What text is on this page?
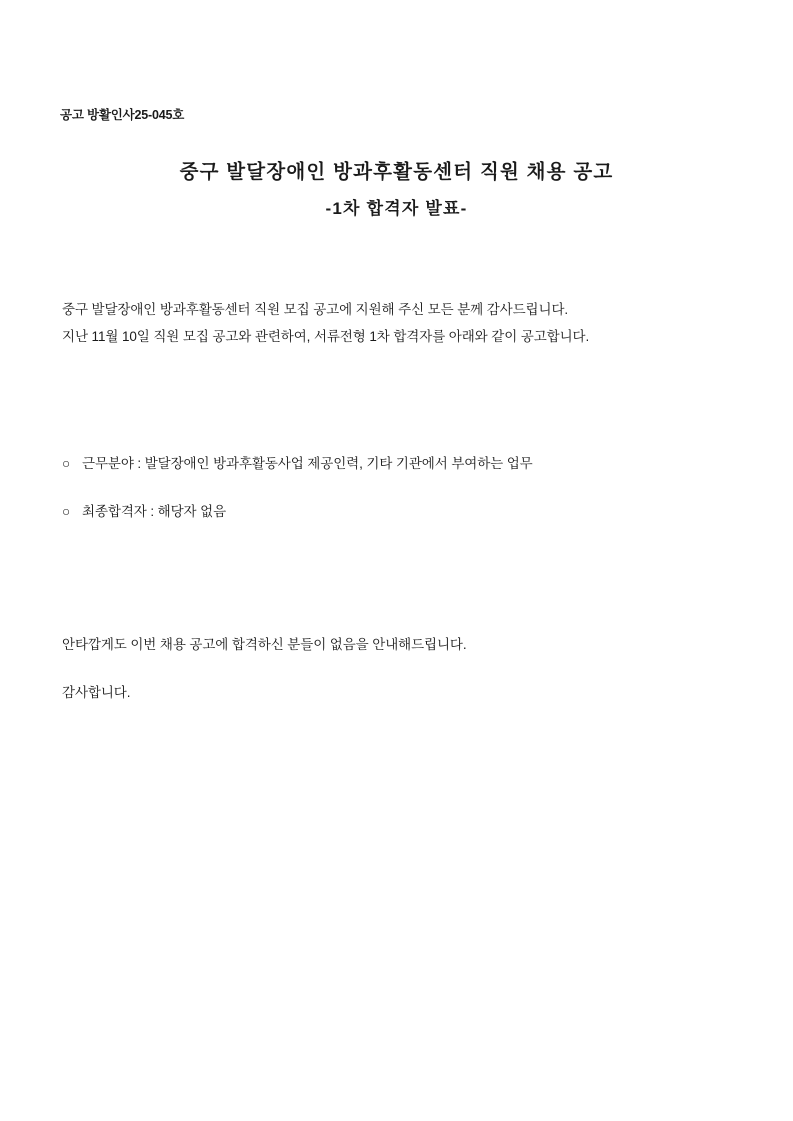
공고 방활인사25-045호
중구 발달장애인 방과후활동센터 직원 채용 공고
-1차 합격자 발표-
중구 발달장애인 방과후활동센터 직원 모집 공고에 지원해 주신 모든 분께 감사드립니다.
지난 11월 10일 직원 모집 공고와 관련하여, 서류전형 1차 합격자를 아래와 같이 공고합니다.
○ 근무분야 : 발달장애인 방과후활동사업 제공인력, 기타 기관에서 부여하는 업무
○ 최종합격자 : 해당자 없음
안타깝게도 이번 채용 공고에 합격하신 분들이 없음을 안내해드립니다.
감사합니다.
